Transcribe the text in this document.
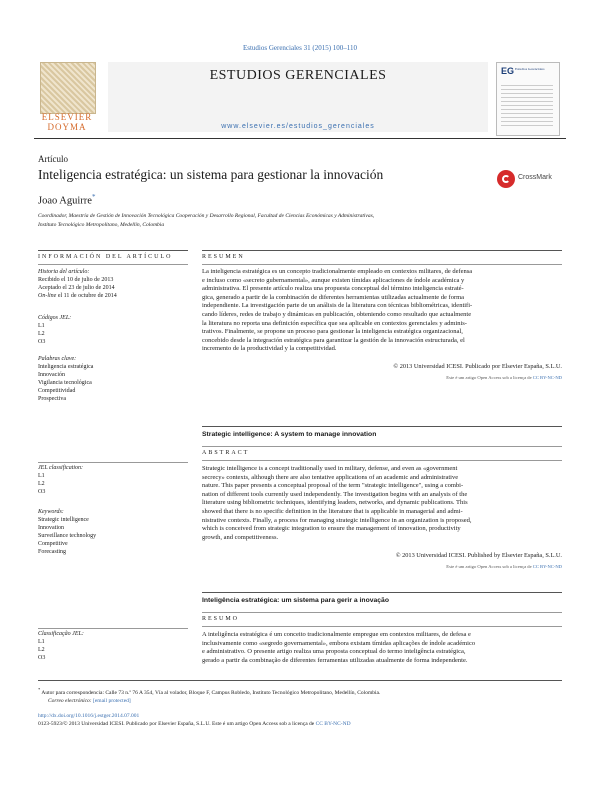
Estudios Gerenciales 31 (2015) 100–110
ELSEVIER DOYMA
ESTUDIOS GERENCIALES
www.elsevier.es/estudios_gerenciales
EG Estudios Gerenciales
Artículo
Inteligencia estratégica: un sistema para gestionar la innovación	CrossMark
Joao Aguirre*
Coordinador, Maestría de Gestión de Innovación Tecnológica Cooperación y Desarrollo Regional, Facultad de Ciencias Económicas y Administrativas,
Instituto Tecnológico Metropolitano, Medellín, Colombia
INFORMACIÓN DEL ARTÍCULO
Historia del artículo:
Recibido el 10 de julio de 2013
Aceptado el 23 de julio de 2014
On-line el 11 de octubre de 2014
Códigos JEL:
L1
L2
O3
Palabras clave:
Inteligencia estratégica
Innovación
Vigilancia tecnológica
Competitividad
Prospectiva
JEL classification:
L1
L2
O3
Keywords:
Strategic intelligence
Innovation
Surveillance technology
Competitive
Forecasting
Classificação JEL:
L1
L2
O3
RESUMEN
La inteligencia estratégica es un concepto tradicionalmente empleado en contextos militares, de defensa
e incluso como «secreto gubernamental», aunque existen tímidas aplicaciones de índole académica y
administrativa. El presente artículo realiza una propuesta conceptual del término inteligencia estraté-
gica, generado a partir de la combinación de diferentes herramientas utilizadas actualmente de forma
independiente. La investigación parte de un análisis de la literatura con técnicas bibliométricas, identifi-
cando líderes, redes de trabajo y dinámicas en publicación, obteniendo como resultado que actualmente
la literatura no reporta una definición específica que sea aplicable en contextos gerenciales y adminis-
trativos. Finalmente, se propone un proceso para gestionar la inteligencia estratégica organizacional,
concebido desde la integración estratégica para garantizar la gestión de la innovación estructurada, el
incremento de la productividad y la competitividad.
© 2013 Universidad ICESI. Publicado por Elsevier España, S.L.U.
Este é um artigo Open Access sob a licença de CC BY-NC-ND
Strategic intelligence: A system to manage innovation
ABSTRACT
Strategic intelligence is a concept traditionally used in military, defense, and even as «government
secrecy» contexts, although there are also tentative applications of an academic and administrative
nature. This paper presents a conceptual proposal of the term "strategic intelligence", using a combi-
nation of different tools currently used independently. The investigation begins with an analysis of the
literature using bibliometric techniques, identifying leaders, networks, and dynamic publications. This
showed that there is no specific definition in the literature that is applicable in managerial and admi-
nistrative contexts. Finally, a process for managing strategic intelligence in an organization is proposed,
which is conceived from strategic integration to ensure the management of innovation, productivity
growth, and competitiveness.
© 2013 Universidad ICESI. Published by Elsevier España, S.L.U.
Este é um artigo Open Access sob a licença de CC BY-NC-ND
Inteligência estratégica: um sistema para gerir a inovação
RESUMO
A inteligência estratégica é um conceito tradicionalmente empregue em contextos militares, de defesa e
inclusivamente como «segredo governamental», embora existam tímidas aplicações de índole académico
e administrativo. O presente artigo realiza uma proposta conceptual do termo inteligência estratégica,
gerado a partir da combinação de diferentes ferramentas utilizadas atualmente de forma independente.
* Autor para correspondencia: Calle 73 n.º 76 A 354, Vía al volador, Bloque F, Campus Robledo, Instituto Tecnológico Metropolitano, Medellín, Colombia.
Correo electrónico: [email protected]
http://dx.doi.org/10.1016/j.estger.2014.07.001
0123-5923/© 2013 Universidad ICESI. Publicado por Elsevier España, S.L.U. Este é um artigo Open Access sob a licença de CC BY-NC-ND
